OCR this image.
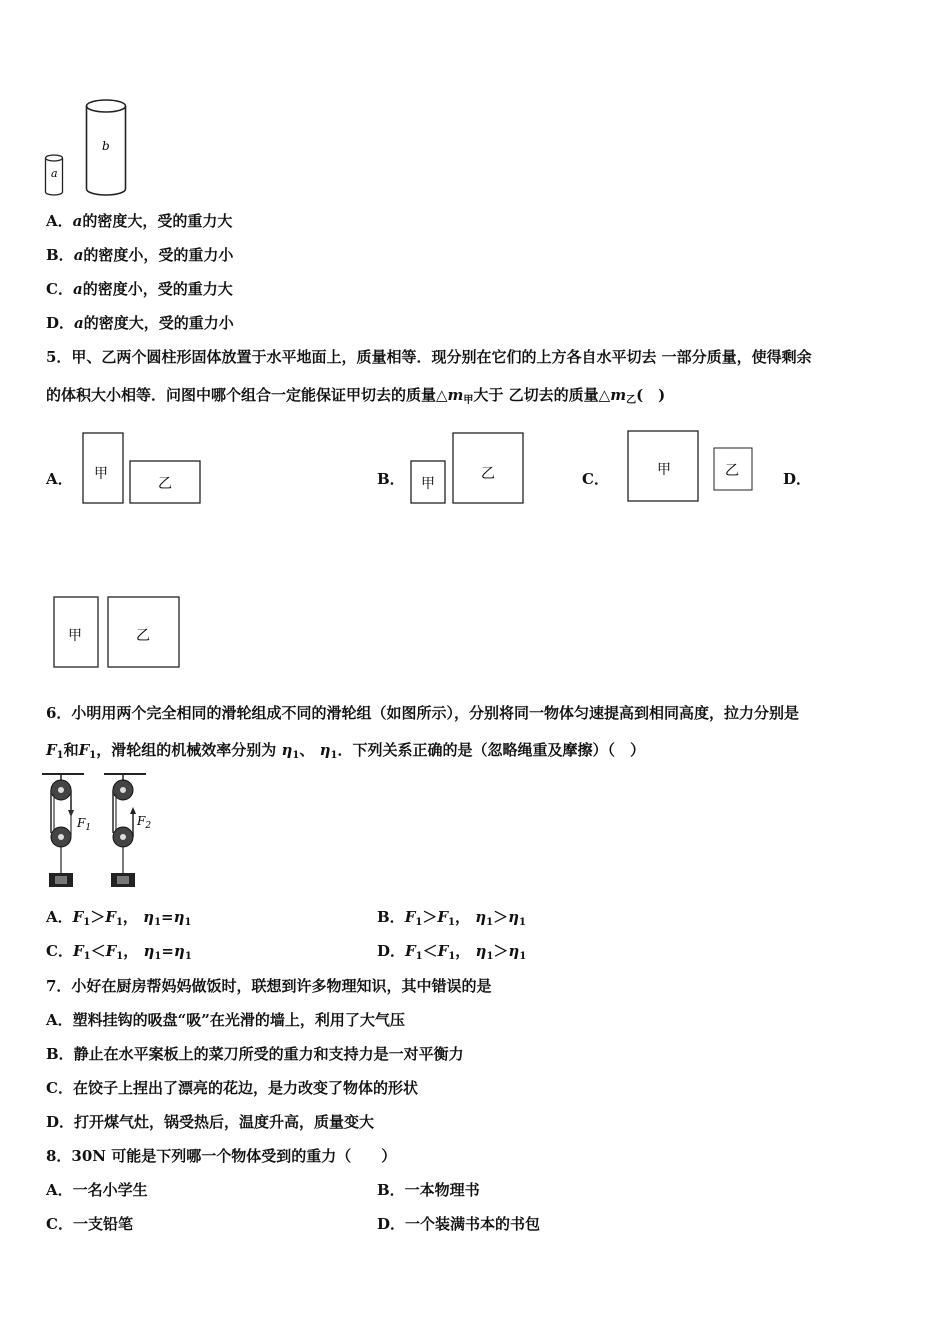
a
b
A．a的密度大，受的重力大
B．a的密度小，受的重力小
C．a的密度小，受的重力大
D．a的密度大，受的重力小
5．甲、乙两个圆柱形固体放置于水平地面上，质量相等．现分别在它们的上方各自水平切去 一部分质量，使得剩余
的体积大小相等．问图中哪个组合一定能保证甲切去的质量$\triangle m_甲$大于 乙切去的质量$\triangle m_乙$(　)
A． 甲
乙	B． 甲
乙	C．	甲	乙	D．
甲	乙
6．小明用两个完全相同的滑轮组成不同的滑轮组（如图所示），分别将同一物体匀速提高到相同高度，拉力分别是
$F_1$和$F_1$，滑轮组的机械效率分别为 $\eta_1$、 $\eta_1$．下列关系正确的是（忽略绳重及摩擦）（　）
$F_1$	$F_2$
A．$F_1>F_1$， $\eta_1=\eta_1$	B．$F_1>F_1$， $\eta_1>\eta_1$
C．$F_1<F_1$， $\eta_1=\eta_1$	D．$F_1<F_1$， $\eta_1>\eta_1$
7．小好在厨房帮妈妈做饭时，联想到许多物理知识，其中错误的是
A．塑料挂钩的吸盘“吸”在光滑的墙上，利用了大气压
B．静止在水平案板上的菜刀所受的重力和支持力是一对平衡力
C．在饺子上捏出了漂亮的花边，是力改变了物体的形状
D．打开煤气灶，锅受热后，温度升高，质量变大
8．30N 可能是下列哪一个物体受到的重力（　　）
A．一名小学生	B．一本物理书
C．一支铅笔	D．一个装满书本的书包
